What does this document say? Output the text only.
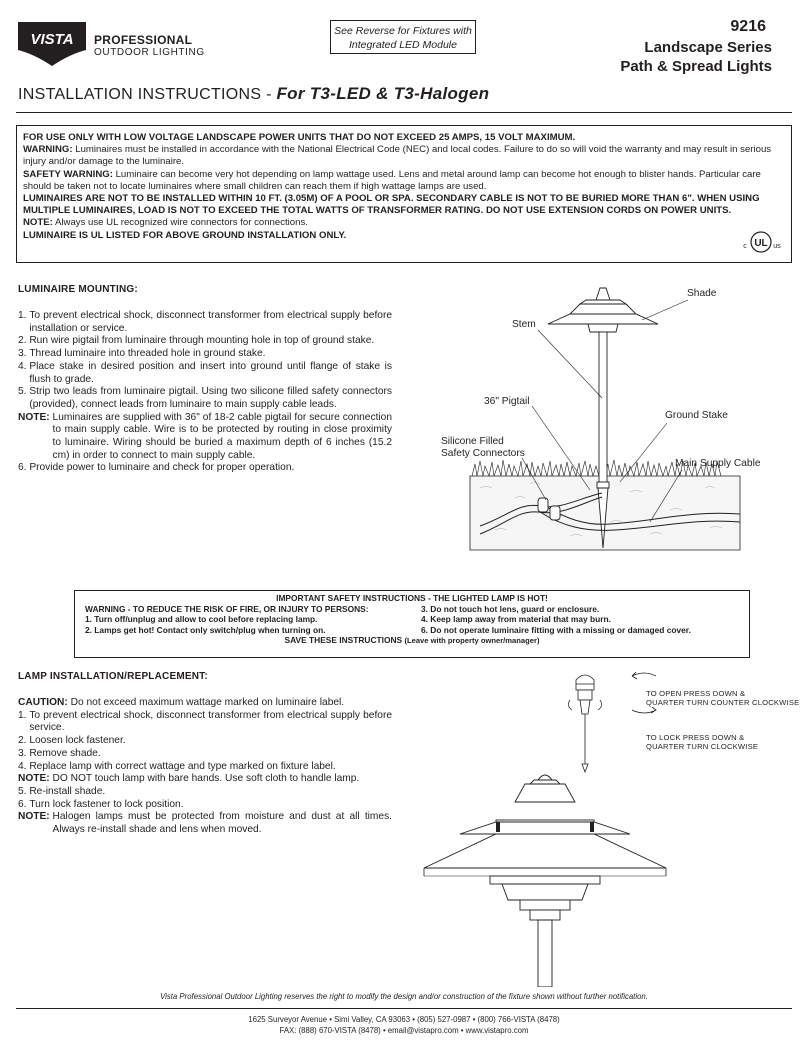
VISTA PROFESSIONAL
OUTDOOR LIGHTING
See Reverse for Fixtures with
Integrated LED Module
9216
Landscape Series
Path & Spread Lights
INSTALLATION INSTRUCTIONS - For T3-LED & T3-Halogen

FOR USE ONLY WITH LOW VOLTAGE LANDSCAPE POWER UNITS THAT DO NOT EXCEED 25 AMPS, 15 VOLT MAXIMUM.

WARNING: Luminaires must be installed in accordance with the National Electrical Code (NEC) and local codes. Failure to do so will void the warranty and may result in serious injury and/or damage to the luminaire.

SAFETY WARNING: Luminaire can become very hot depending on lamp wattage used. Lens and metal around lamp can become hot enough to blister hands. Particular care should be taken not to locate luminaires where small children can reach them if high wattage lamps are used.

LUMINAIRES ARE NOT TO BE INSTALLED WITHIN 10 FT. (3.05M) OF A POOL OR SPA. SECONDARY CABLE IS NOT TO BE BURIED MORE THAN 6". WHEN USING MULTIPLE LUMINAIRES, LOAD IS NOT TO EXCEED THE TOTAL WATTS OF TRANSFORMER RATING. DO NOT USE EXTENSION CORDS ON POWER UNITS.

NOTE: Always use UL recognized wire connectors for connections.

LUMINAIRE IS UL LISTED FOR ABOVE GROUND INSTALLATION ONLY.

UL
c	us
LUMINAIRE MOUNTING:
1. To prevent electrical shock, disconnect transformer from electrical supply before installation or service.
2. Run wire pigtail from luminaire through mounting hole in top of ground stake.
3. Thread luminaire into threaded hole in ground stake.
4. Place stake in desired position and insert into ground until flange of stake is flush to grade.
5. Strip two leads from luminaire pigtail. Using two silicone filled safety connectors (provided), connect leads from luminaire to main supply cable leads.
NOTE: Luminaires are supplied with 36" of 18-2 cable pigtail for secure connection to main supply cable. Wire is to be protected by routing in close proximity to luminaire. Wiring should be buried a maximum depth of 6 inches (15.2 cm) in order to connect to main supply cable.
6. Provide power to luminaire and check for proper operation.
Shade
Stem
36" Pigtail
Ground Stake
Silicone Filled
Safety Connectors
Main Supply Cable
IMPORTANT SAFETY INSTRUCTIONS - THE LIGHTED LAMP IS HOT!
WARNING - TO REDUCE THE RISK OF FIRE, OR INJURY TO PERSONS:
1. Turn off/unplug and allow to cool before replacing lamp.
2. Lamps get hot! Contact only switch/plug when turning on.
3. Do not touch hot lens, guard or enclosure.
4. Keep lamp away from material that may burn.
6. Do not operate luminaire fitting with a missing or damaged cover.
SAVE THESE INSTRUCTIONS (Leave with property owner/manager)
LAMP INSTALLATION/REPLACEMENT:
CAUTION: Do not exceed maximum wattage marked on luminaire label.
1. To prevent electrical shock, disconnect transformer from electrical supply before service.
2. Loosen lock fastener.
3. Remove shade.
4. Replace lamp with correct wattage and type marked on fixture label.
NOTE: DO NOT touch lamp with bare hands. Use soft cloth to handle lamp.
5. Re-install shade.
6. Turn lock fastener to lock position.
NOTE: Halogen lamps must be protected from moisture and dust at all times. Always re-install shade and lens when moved.
TO OPEN PRESS DOWN &
QUARTER TURN COUNTER CLOCKWISE
TO LOCK PRESS DOWN &
QUARTER TURN CLOCKWISE
Vista Professional Outdoor Lighting reserves the right to modify the design and/or construction of the fixture shown without further notification.
1625 Surveyor Avenue • Simi Valley, CA 93063 • (805) 527-0987 • (800) 766-VISTA (8478)
FAX: (888) 670-VISTA (8478) • email@vistapro.com • www.vistapro.com
